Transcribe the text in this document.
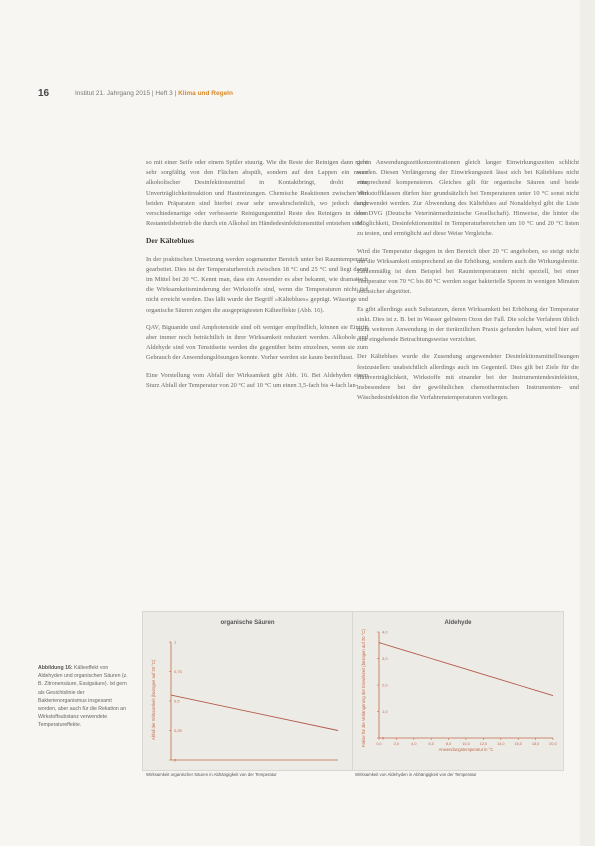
16	Institut 21. Jahrgang 2015 | Heft 3 | Klima und Regeln

so mit einer Seife oder einem Spüler stuurig. Wie die Reste der Reinigen dann nicht sehr sorgfältig von den Flächen abspült, sondern auf den Lappen ein neuer alkoholischer Desinfektionsmittel in Kontaktbringt, droht eine Unverträglichkeitreaktion und Hautreizungen. Chemische Reaktionen zwischen den beiden Präparaten sind hierbei zwar sehr unwahrscheinlich, wo jedoch durch verschiedenartige oder verbesserte Reinigungsmittel Reste des Reinigers in deren Restanteilsbetrieb die durch ein Alkohol im Händedesinfektionsmittel entstehen sind.

Der Kälteblues

In der praktischen Umsetzung werden sogenannter Bereich unter bei Raumtemperatur gearbeitet. Dies ist der Temperaturbereich zwischen 18 °C und 25 °C und liegt damit im Mittel bei 20 °C. Kennt man, dass ein Anwender es aber bekannt, wie dramatisch die Wirksamkeitsminderung der Wirkstoffe sind, wenn die Temperaturen nicht tief nicht erreicht werden. Das läßt wurde der Begriff »Kälteblues« geprägt. Wässrige und organische Säuren zeigen die ausgeprägtesten Kälteeffekte (Abb. 16).

QAV, Biguanide und Amphotenside sind oft weniger empfindlich, können sie Eintritt aber immer noch beträchtlich in ihrer Wirksamkeit reduziert werden. Alkohole und Aldehyde sind von Tensidseite werden die gegenüber beim einzelnen, wenn sie zum Gebrauch der Anwendungslösungen konnte. Vorher werden sie kaum beeinflusst.

Eine Vorstellung vom Abfall der Wirksamkeit gibt Abb. 16. Bei Aldehyden einen Sturz Abfall der Temperatur von 20 °C auf 10 °C um einen 3,5-fach bis 4-fach lan-

geren Anwendungszeitkonzentrationen gleich langer Einwirkungszeiten schlicht werden. Diesen Verlängerung der Einwirkungszeit lässt sich bei Kälteblues nicht entsprechend kompensieren. Gleiches gilt für organische Säuren und beide Wirkstoffklassen dürfen hier grundsätzlich bei Temperaturen unter 10 °C sonst nicht angewendet werden. Zur Abwendung des Kälteblues auf Nonaldehyd gibt die Liste des DVG (Deutsche Veterinärmedizinische Gesellschaft). Hinweise, die hinter die Möglichkeit, Desinfektionsmittel in Temperaturbereichen um 10 °C und 20 °C listen zu testen, und ermöglicht auf diese Weise Vergleiche.

Wird die Temperatur dagegen in den Bereich über 20 °C angehoben, so steigt nicht nur die Wirksamkeit entsprechend an die Erhöhung, sondern auch die Wirkungsbreite. Zahlenmäßig ist dem Beispiel bei Raumtemperaturen nicht speziell, bei einer Temperatur von 70 °C bis 80 °C werden sogar bakterielle Sporen in wenigen Minuten hochsicher abgetötet.

Es gibt allerdings auch Substanzen, deren Wirksamkeit bei Erhöhung der Temperatur sinkt. Dies ist z. B. bei in Wasser gelöstem Ozon der Fall. Die solche Verfahren üblich nicht weiteren Anwendung in der tierärztlichen Praxis gefunden haben, wird hier auf eine eingehende Betrachtungsweise verzichtet.

Der Kälteblues wurde die Zusendung angewendeter Desinfektionsmittellösungen festzustellen: unabsichtlich allerdings auch im Gegenteil. Dies gilt bei Ziele für die Hautverträglichkeit, Wirkstoffe mit einander bei der Instrumentendesinfektion, insbesondere bei der gewöhnlichen chemothermischen Instrumenten- und Wäschedesinfektion die Verfahrenstemperaturen vorliegen.

Abbildung 16: Kälteeffekt von Aldehyden und organischen Säuren (z. B. Zitronensäure, Essigsäure). Ist gern als Gesichtslinie der Bakterienorganismus insgesamt worden, aber auch für die Rekation an Wirkstoffsubstanz verwendete Temperatureffekte.
organische Säuren
Abfall der Wirksamkeit (bezogen auf 20 °C)
1
0,75
0,5
0,25
0
Aldehyde
Faktor für die Verlängerung der Einwirkzeit (bezogen auf 20 °C)	4,0
3,0
2,0
1,0
0
0,0	2,0	4,0	6,0	8,0	10,0	12,0	14,0	16,0	18,0	20,0
Anwendungstemperatur in °C
Wirksamkeit organischer Säuren in Abhängigkeit von der Temperatur	Wirksamkeit von Aldehyden in Abhängigkeit von der Temperatur
